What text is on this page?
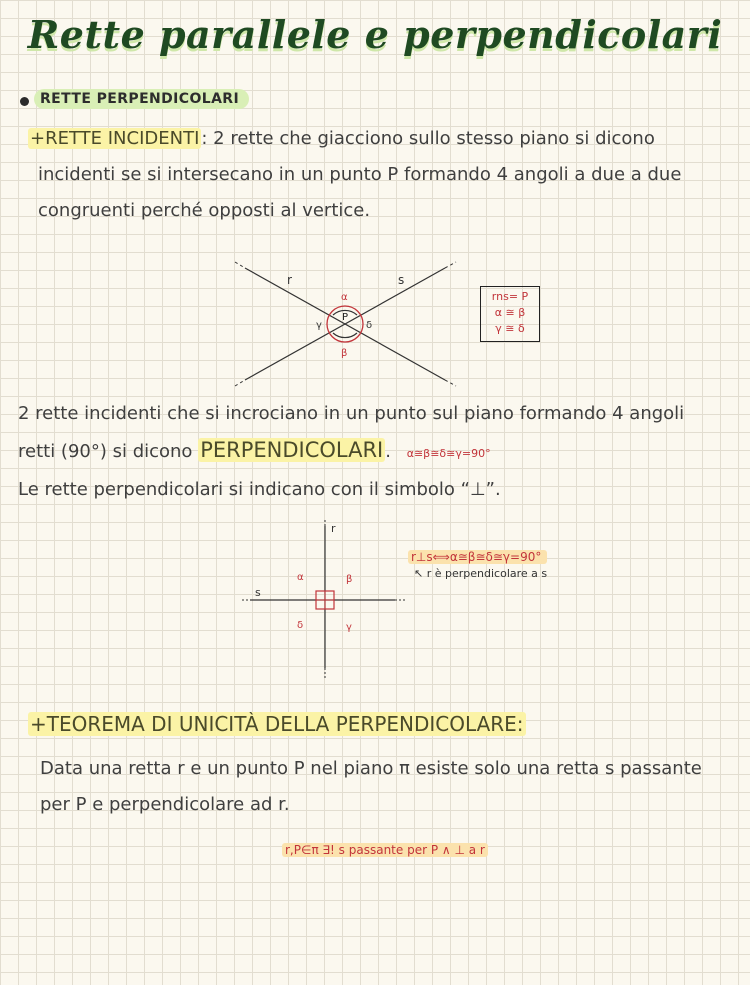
Rette parallele e perpendicolari
RETTE PERPENDICOLARI
+RETTE INCIDENTI : 2 rette che giacciono sullo stesso piano si dicono
incidenti se si intersecano in un punto P formando 4 angoli a due a due
congruenti perché opposti al vertice.
r	s
P
α
β
γ	δ
rns= P
α ≅ β
γ ≅ δ
2 rette incidenti che si incrociano in un punto sul piano formando 4 angoli
retti (90°) si dicono PERPENDICOLARI . α≅β≅δ≅γ=90°
Le rette perpendicolari si indicano con il simbolo “⊥”.
r
s
α	β
γ
δ
r⊥s⟺α≅β≅δ≅γ=90°
↖ r è perpendicolare a s
+TEOREMA DI UNICITÀ DELLA PERPENDICOLARE:
Data una retta r e un punto P nel piano π esiste solo una retta s passante
per P e perpendicolare ad r.
r,P∈π ∃! s passante per P ∧ ⊥ a r
